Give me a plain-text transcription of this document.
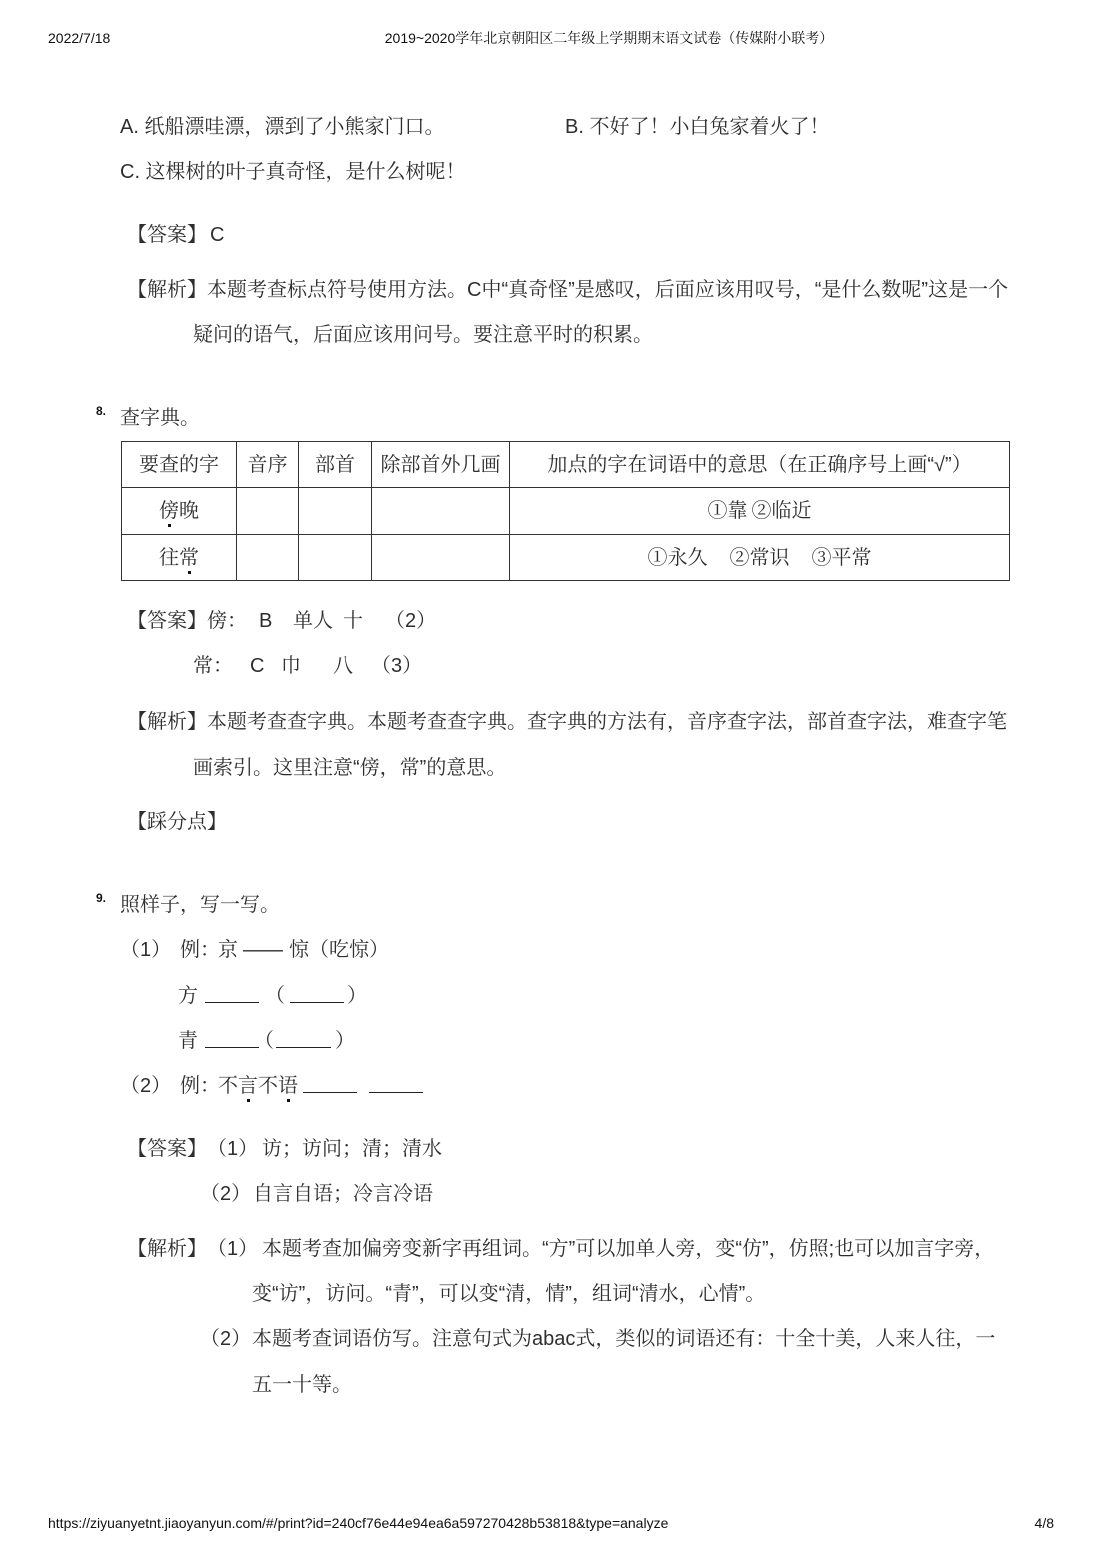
2022/7/18	2019~2020学年北京朝阳区二年级上学期期末语文试卷（传媒附小联考）
A. 纸船漂哇漂，漂到了小熊家门口。	B. 不好了！小白兔家着火了！
C. 这棵树的叶子真奇怪，是什么树呢！
【答案】 C
【解析】本题考查标点符号使用方法。C中“真奇怪”是感叹，后面应该用叹号，“是什么数呢”这是一个
疑问的语气，后面应该用问号。要注意平时的积累。
8. 查字典。
要查的字	音序	部首	除部首外几画	加点的字在词语中的意思（在正确序号上画“√”）
傍晚				①靠 ②临近
往常				①永久 ②常识 ③平常
【答案】 傍： B 单人 十 （2）
常： C 巾 八 （3）
【解析】本题考查查字典。本题考查查字典。查字典的方法有，音序查字法，部首查字法，难查字笔
画索引。这里注意“傍，常”的意思。
【踩分点】
9. 照样子，写一写。
（1） 例：
京 —— 惊（吃惊）
方	（	）
青	（	）
（2） 例：
不言不语
【答案】 （1） 访；访问；清；清水
（2） 自言自语；冷言冷语
【解析】 （1） 本题考查加偏旁变新字再组词。“方”可以加单人旁，变“仿”，仿照;也可以加言字旁，
变“访”，访问。“青”，可以变“清，情”，组词“清水，心情”。
（2） 本题考查词语仿写。注意句式为abac式，类似的词语还有：十全十美，人来人往，一
五一十等。
https://ziyuanyetnt.jiaoyanyun.com/#/print?id=240cf76e44e94ea6a597270428b53818&type=analyze	4/8
